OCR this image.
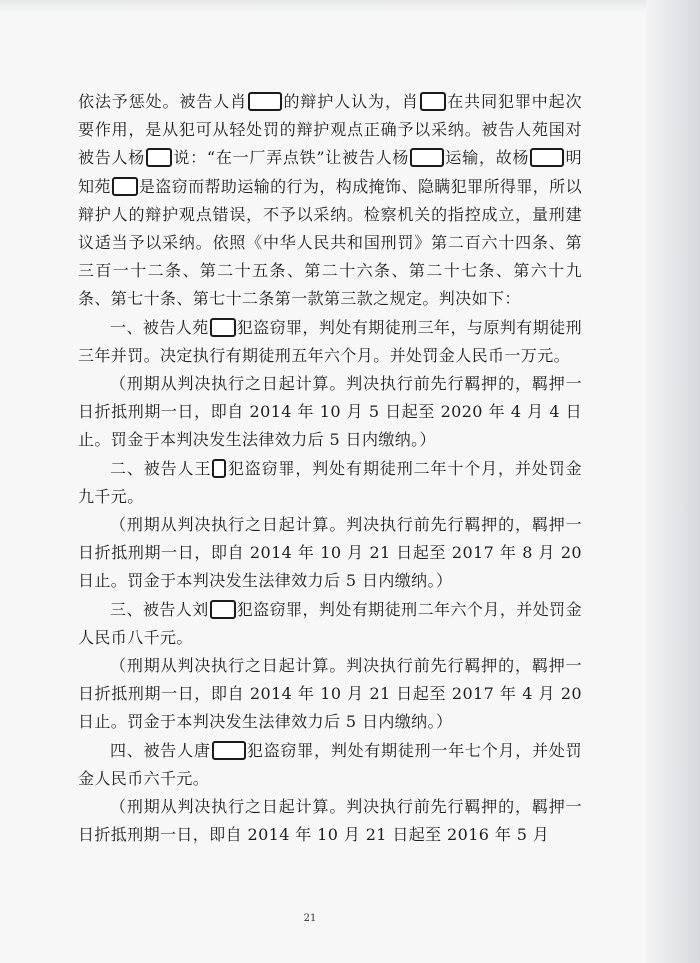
依法予惩处。被告人肖 的辩护人认为，肖 在共同犯罪中起次要作用，是从犯可从轻处罚的辩护观点正确予以采纳。被告人苑国对被告人杨 说：“在一厂弄点铁”让被告人杨 运输，故杨 明知苑 是盗窃而帮助运输的行为，构成掩饰、隐瞒犯罪所得罪，所以辩护人的辩护观点错误，不予以采纳。检察机关的指控成立，量刑建议适当予以采纳。依照《中华人民共和国刑罚》第二百六十四条、第三百一十二条、第二十五条、第二十六条、第二十七条、第六十九条、第七十条、第七十二条第一款第三款之规定。判决如下：

一、被告人苑 犯盗窃罪，判处有期徒刑三年，与原判有期徒刑三年并罚。决定执行有期徒刑五年六个月。并处罚金人民币一万元。

（刑期从判决执行之日起计算。判决执行前先行羁押的，羁押一日折抵刑期一日，即自 2014 年 10 月 5 日起至 2020 年 4 月 4 日止。罚金于本判决发生法律效力后 5 日内缴纳。）

二、被告人王 犯盗窃罪，判处有期徒刑二年十个月，并处罚金九千元。

（刑期从判决执行之日起计算。判决执行前先行羁押的，羁押一日折抵刑期一日，即自 2014 年 10 月 21 日起至 2017 年 8 月 20 日止。罚金于本判决发生法律效力后 5 日内缴纳。）

三、被告人刘 犯盗窃罪，判处有期徒刑二年六个月，并处罚金人民币八千元。

（刑期从判决执行之日起计算。判决执行前先行羁押的，羁押一日折抵刑期一日，即自 2014 年 10 月 21 日起至 2017 年 4 月 20 日止。罚金于本判决发生法律效力后 5 日内缴纳。）

四、被告人唐 犯盗窃罪，判处有期徒刑一年七个月，并处罚金人民币六千元。

（刑期从判决执行之日起计算。判决执行前先行羁押的，羁押一日折抵刑期一日，即自 2014 年 10 月 21 日起至 2016 年 5 月

21
